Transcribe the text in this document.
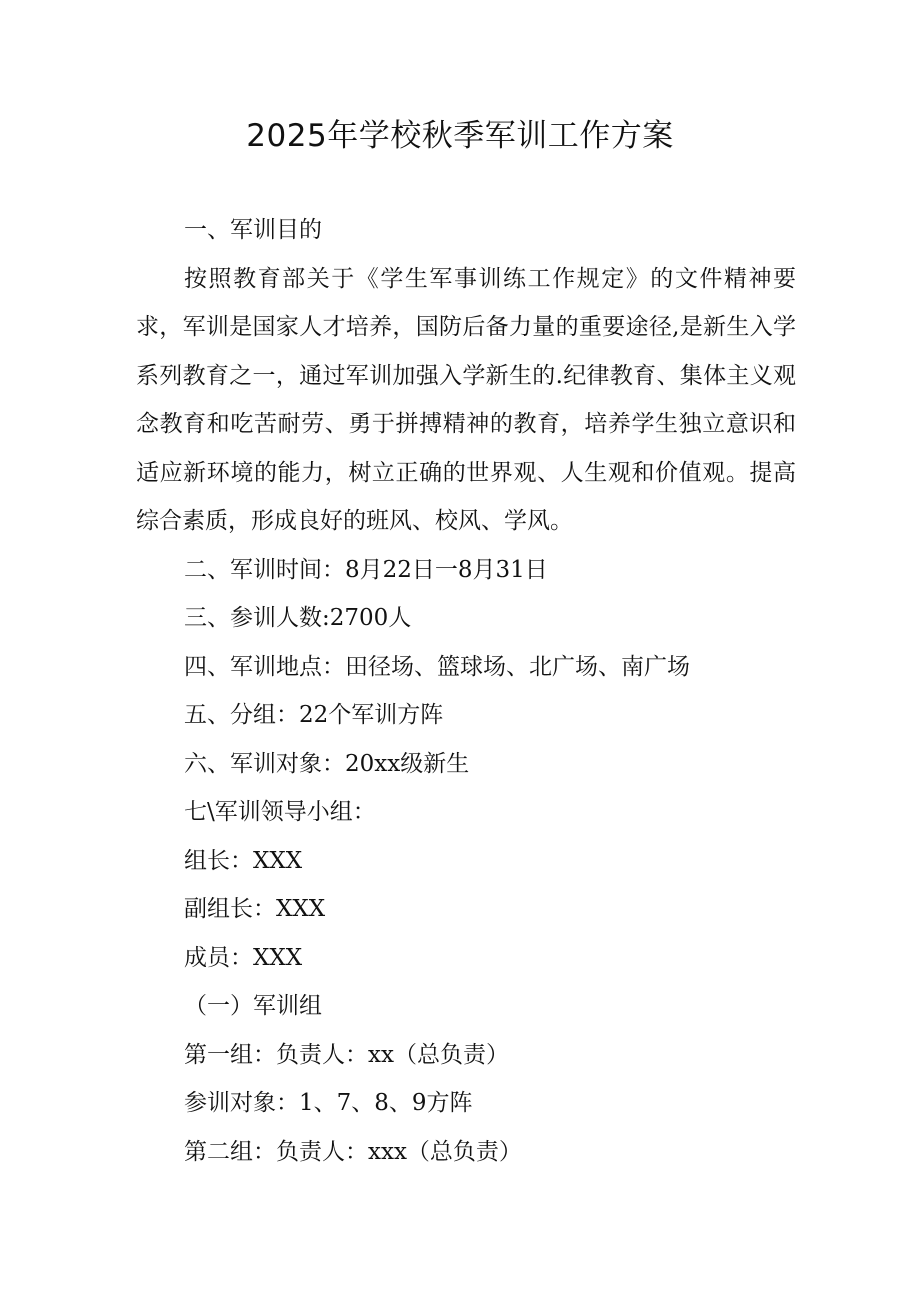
2025年学校秋季军训工作方案
一、军训目的

按照教育部关于《学生军事训练工作规定》的文件精神要求，军训是国家人才培养，国防后备力量的重要途径,是新生入学系列教育之一，通过军训加强入学新生的.纪律教育、集体主义观念教育和吃苦耐劳、勇于拼搏精神的教育，培养学生独立意识和适应新环境的能力，树立正确的世界观、人生观和价值观。提高综合素质，形成良好的班风、校风、学风。

二、军训时间：8月22日一8月31日
三、参训人数:2700人
四、军训地点：田径场、篮球场、北广场、南广场
五、分组：22个军训方阵
六、军训对象：20xx级新生
七\军训领导小组：
组长：XXX
副组长：XXX
成员：XXX
（一）军训组
第一组：负责人：xx（总负责）
参训对象：1、7、8、9方阵
第二组：负责人：xxx（总负责）
